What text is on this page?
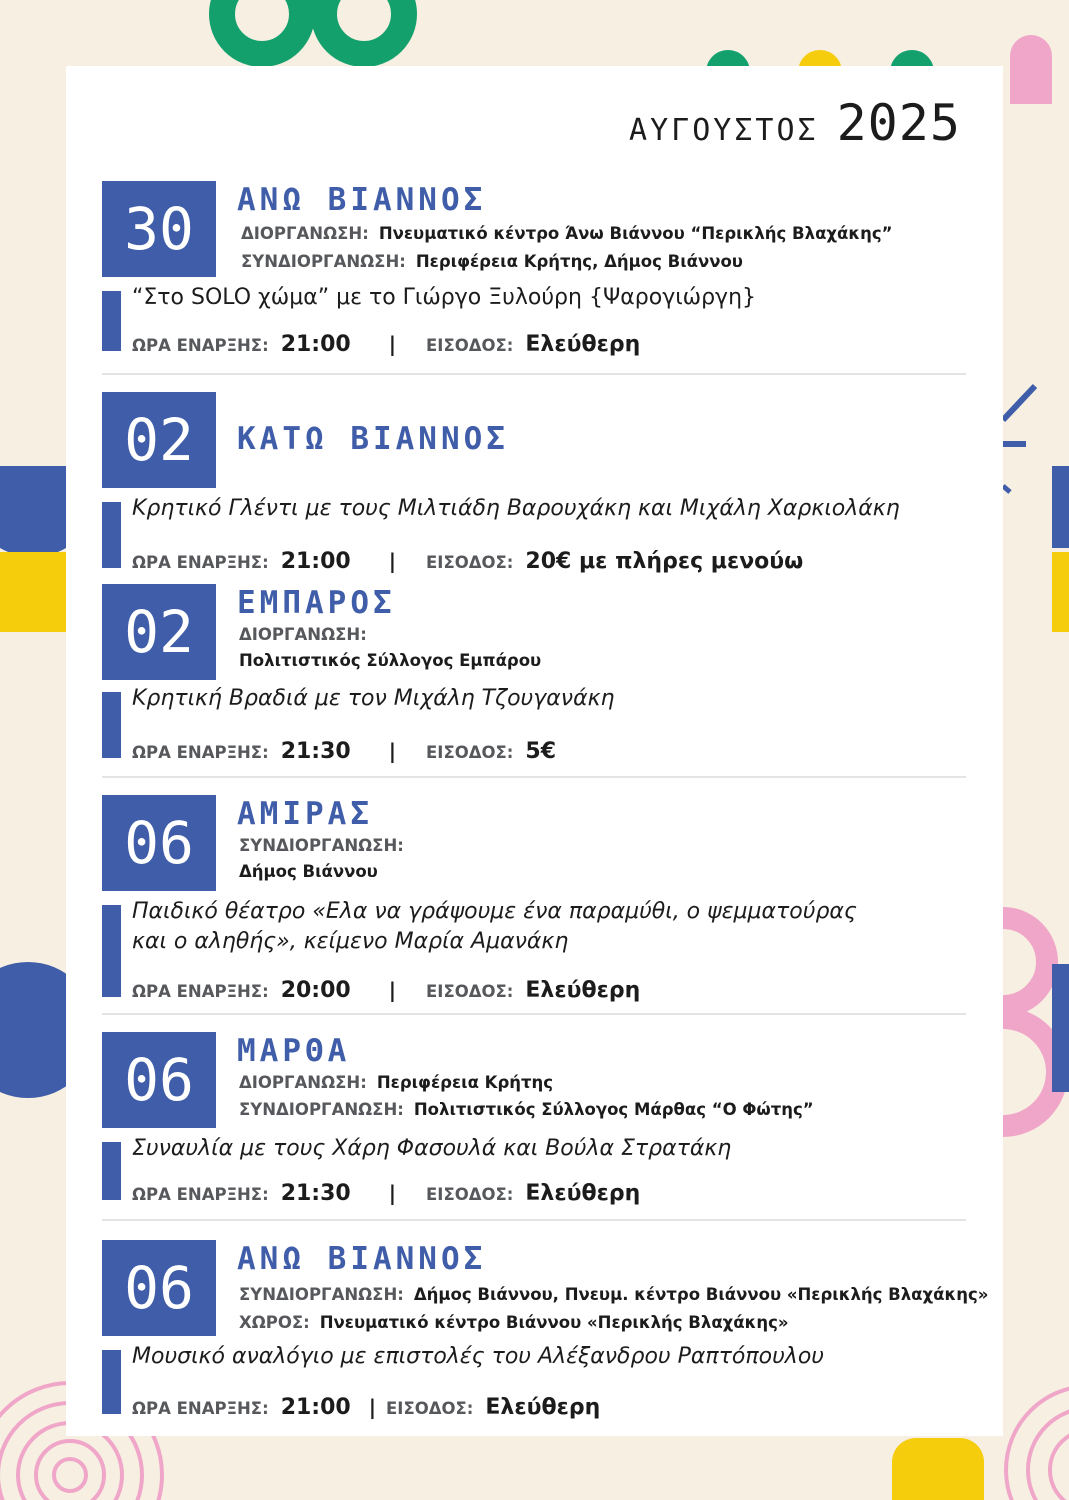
ΑΥΓΟΥΣΤΟΣ 2025
30	ΑΝΩ ΒΙΑΝΝΟΣ
ΔΙΟΡΓΑΝΩΣΗ: Πνευματικό κέντρο Άνω Βιάννου “Περικλής Βλαχάκης”
ΣΥΝΔΙΟΡΓΑΝΩΣΗ: Περιφέρεια Κρήτης, Δήμος Βιάννου
“Στο SOLO χώμα” με το Γιώργο Ξυλούρη {Ψαρογιώργη}
ΩΡΑ ΕΝΑΡΞΗΣ: 21:00 | ΕΙΣΟΔΟΣ: Ελεύθερη
02	ΚΑΤΩ ΒΙΑΝΝΟΣ
Κρητικό Γλέντι με τους Μιλτιάδη Βαρουχάκη και Μιχάλη Χαρκιολάκη
ΩΡΑ ΕΝΑΡΞΗΣ: 21:00 | ΕΙΣΟΔΟΣ: 20€ με πλήρες μενούω
02	ΕΜΠΑΡΟΣ
ΔΙΟΡΓΑΝΩΣΗ:
Πολιτιστικός Σύλλογος Εμπάρου
Κρητική Βραδιά με τον Μιχάλη Τζουγανάκη
ΩΡΑ ΕΝΑΡΞΗΣ: 21:30 | ΕΙΣΟΔΟΣ: 5€
06	ΑΜΙΡΑΣ
ΣΥΝΔΙΟΡΓΑΝΩΣΗ:
Δήμος Βιάννου
Παιδικό θέατρο «Ελα να γράψουμε ένα παραμύθι, ο ψεμματούρας
και ο αληθής», κείμενο Μαρία Αμανάκη
ΩΡΑ ΕΝΑΡΞΗΣ: 20:00 | ΕΙΣΟΔΟΣ: Ελεύθερη
06	ΜΑΡΘΑ
ΔΙΟΡΓΑΝΩΣΗ: Περιφέρεια Κρήτης
ΣΥΝΔΙΟΡΓΑΝΩΣΗ: Πολιτιστικός Σύλλογος Μάρθας “Ο Φώτης”
Συναυλία με τους Χάρη Φασουλά και Βούλα Στρατάκη
ΩΡΑ ΕΝΑΡΞΗΣ: 21:30 | ΕΙΣΟΔΟΣ: Ελεύθερη
06	ΑΝΩ ΒΙΑΝΝΟΣ
ΣΥΝΔΙΟΡΓΑΝΩΣΗ: Δήμος Βιάννου, Πνευμ. κέντρο Βιάννου «Περικλής Βλαχάκης»
ΧΩΡΟΣ: Πνευματικό κέντρο Βιάννου «Περικλής Βλαχάκης»
Μουσικό αναλόγιο με επιστολές του Αλέξανδρου Ραπτόπουλου
ΩΡΑ ΕΝΑΡΞΗΣ: 21:00 | ΕΙΣΟΔΟΣ: Ελεύθερη
